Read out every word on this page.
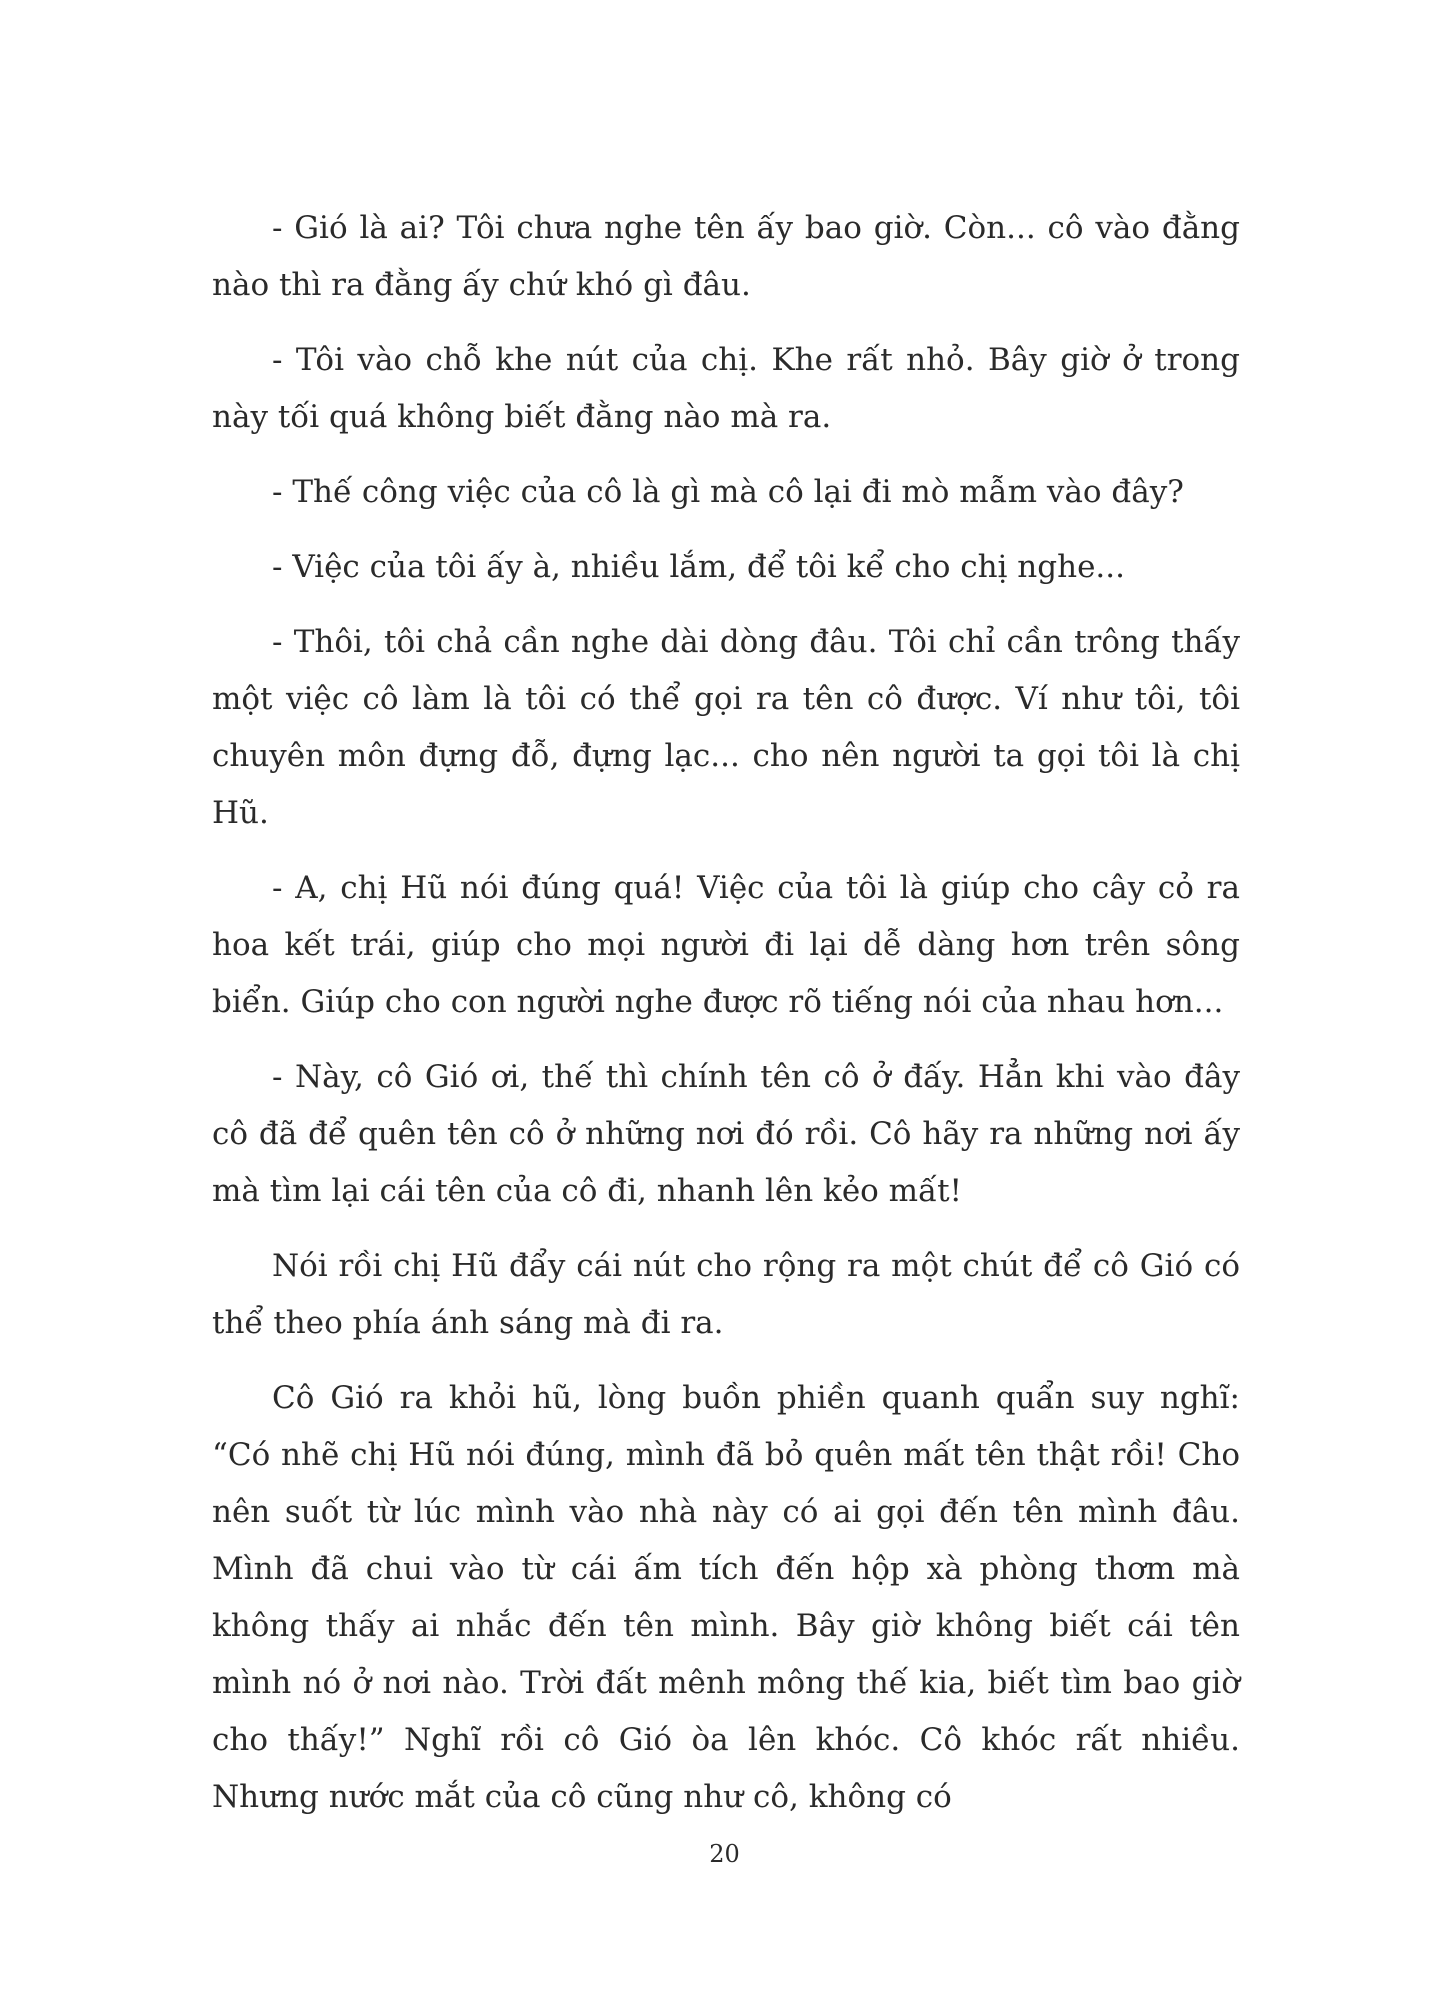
- Gió là ai? Tôi chưa nghe tên ấy bao giờ. Còn... cô vào đằng nào thì ra đằng ấy chứ khó gì đâu.

- Tôi vào chỗ khe nút của chị. Khe rất nhỏ. Bây giờ ở trong này tối quá không biết đằng nào mà ra.

- Thế công việc của cô là gì mà cô lại đi mò mẫm vào đây?

- Việc của tôi ấy à, nhiều lắm, để tôi kể cho chị nghe...

- Thôi, tôi chả cần nghe dài dòng đâu. Tôi chỉ cần trông thấy một việc cô làm là tôi có thể gọi ra tên cô được. Ví như tôi, tôi chuyên môn đựng đỗ, đựng lạc... cho nên người ta gọi tôi là chị Hũ.

- A, chị Hũ nói đúng quá! Việc của tôi là giúp cho cây cỏ ra hoa kết trái, giúp cho mọi người đi lại dễ dàng hơn trên sông biển. Giúp cho con người nghe được rõ tiếng nói của nhau hơn...

- Này, cô Gió ơi, thế thì chính tên cô ở đấy. Hẳn khi vào đây cô đã để quên tên cô ở những nơi đó rồi. Cô hãy ra những nơi ấy mà tìm lại cái tên của cô đi, nhanh lên kẻo mất!

Nói rồi chị Hũ đẩy cái nút cho rộng ra một chút để cô Gió có thể theo phía ánh sáng mà đi ra.

Cô Gió ra khỏi hũ, lòng buồn phiền quanh quẩn suy nghĩ: “Có nhẽ chị Hũ nói đúng, mình đã bỏ quên mất tên thật rồi! Cho nên suốt từ lúc mình vào nhà này có ai gọi đến tên mình đâu. Mình đã chui vào từ cái ấm tích đến hộp xà phòng thơm mà không thấy ai nhắc đến tên mình. Bây giờ không biết cái tên mình nó ở nơi nào. Trời đất mênh mông thế kia, biết tìm bao giờ cho thấy!” Nghĩ rồi cô Gió òa lên khóc. Cô khóc rất nhiều. Nhưng nước mắt của cô cũng như cô, không có

20
